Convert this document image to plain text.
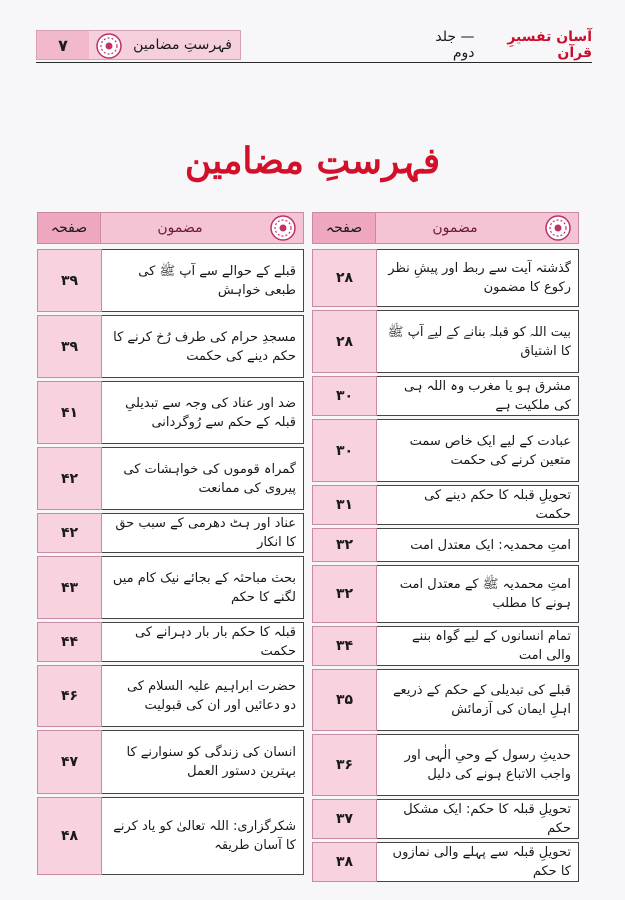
۷	فہرستِ مضامین	آسان تفسیرِ قرآن
— جلد دوم
فہرستِ مضامین
صفحہ	مضمون
۲۸	گذشتہ آیت سے ربط اور پیشِ نظر رکوع کا مضمون
۲۸	بیت اللہ کو قبلہ بنانے کے لیے آپ ﷺ کا اشتیاق
۳۰	مشرق ہو یا مغرب وہ اللہ ہی کی ملکیت ہے
۳۰	عبادت کے لیے ایک خاص سمت متعین کرنے کی حکمت
۳۱	تحویلِ قبلہ کا حکم دینے کی حکمت
۳۲	امتِ محمدیہ: ایک معتدل امت
۳۲	امتِ محمدیہ ﷺ کے معتدل امت ہونے کا مطلب
۳۴	تمام انسانوں کے لیے گواہ بننے والی امت
۳۵	قبلے کی تبدیلی کے حکم کے ذریعے اہلِ ایمان کی آزمائش
۳۶	حدیثِ رسول کے وحیِ الٰہی اور واجب الاتباع ہونے کی دلیل
۳۷	تحویلِ قبلہ کا حکم: ایک مشکل حکم
۳۸	تحویلِ قبلہ سے پہلے والی نمازوں کا حکم
صفحہ	مضمون
۳۹	قبلے کے حوالے سے آپ ﷺ کی طبعی خواہش
۳۹	مسجدِ حرام کی طرف رُخ کرنے کا حکم دینے کی حکمت
۴۱	ضد اور عناد کی وجہ سے تبدیلیِ قبلہ کے حکم سے رُوگردانی
۴۲	گمراہ قوموں کی خواہشات کی پیروی کی ممانعت
۴۲	عناد اور ہٹ دھرمی کے سبب حق کا انکار
۴۳	بحث مباحثہ کے بجائے نیک کام میں لگنے کا حکم
۴۴	قبلہ کا حکم بار بار دہرانے کی حکمت
۴۶	حضرت ابراہیم علیہ السلام کی دو دعائیں اور ان کی قبولیت
۴۷	انسان کی زندگی کو سنوارنے کا بہترین دستور العمل
۴۸	شکرگزاری: اللہ تعالیٰ کو یاد کرنے کا آسان طریقہ
